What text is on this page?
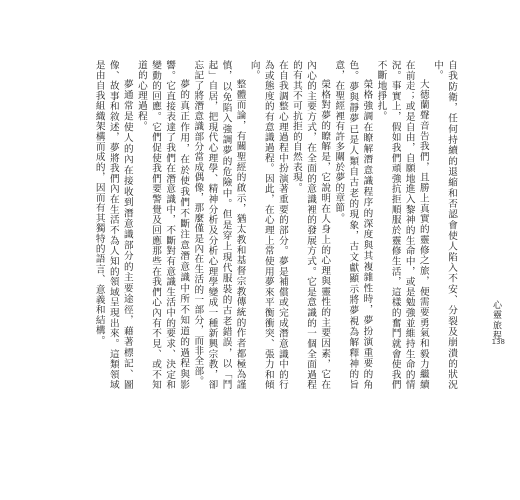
自我防衛，任何持續的退縮和否認會使人陷入不安、分裂及崩潰的狀況中。

大德蘭聲音告我們，且勝上真實的靈修之旅，便需要勇氣和毅力繼續在前走；或是自由，自願地進入黎神的生命中，或是勉強並維持生命的情況。事實上，假如我們頑強抗拒順服於靈修生活，這樣的奮鬥就會使我們不斷地掙扎。

榮格強調在瞭解潛意識程序的深度與其複雜性時，夢扮演重要的角色。夢與靜夢已是人類自古老的現象，古文獻顯示將夢視為解釋神的旨意，在聖經裡有許多關於夢的章節。

榮格對夢的瞭解是，它說明在人身上的心理與靈性的主要因素，它在內心的主要方式，在全面的意識裡的發展方式。它是意識的一個全面過程的有其不可抗拒的自然表現。

在自我調整心理過程中扮演著重要的部分。夢是補償或完成潛意識中的行為或態度的有意識過程。因此，在心理上常使用夢來平衡衝突、張力和傾向。

整體而論，有關聖經的啟示，猶太教和基督宗教傳統的作者都極為謹慎，以免陷入強調夢的危險中。但是穿上現代服裝的古老錯誤，以「鬥起」自居，把現代心理學、精神分析及分析心理學變成一種新興宗教，卻忘記了將潛意識部分當成偶像，那麼僅是內在生活的一部分，而非全部。

夢的真正作用，在於使我們不斷注意潛意識中所不知道的過程與影響。它直接表達了我們在潛意識中，不斷對有意識生活中的要求、決定和變動的回應。它們促使我們要警覺及回應那些在我們心內有不見、或不知道的心理過程。

夢通常是使人的內在接收到潛意識部分的主要途徑，藉著標記、圖像、故事和敘述，夢將我們內在生活不為人知的領域呈現出來。這類領域是由自我組織架構而成的，因而有其獨特的語言、意義和結構。	心靈旅程
138
